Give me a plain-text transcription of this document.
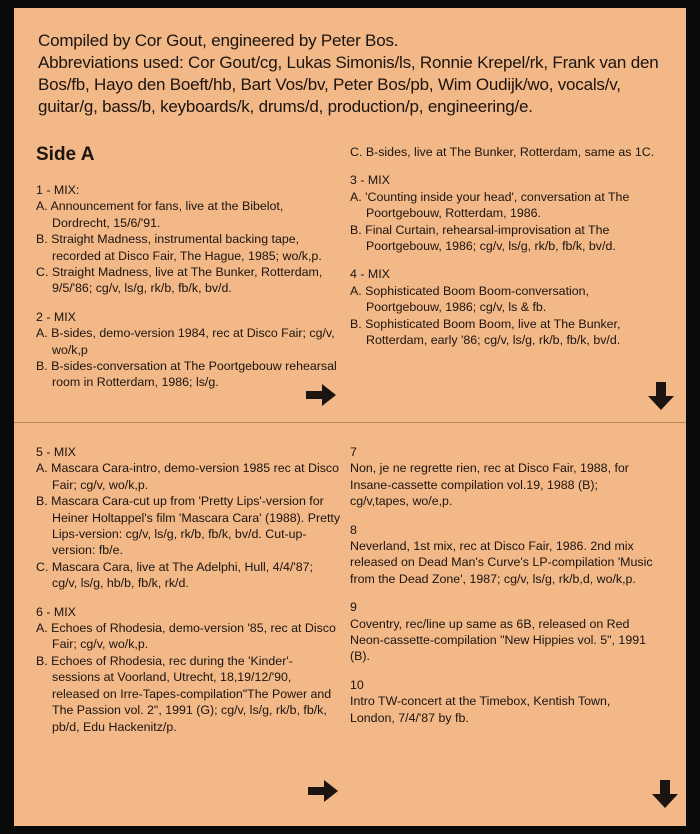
Compiled by Cor Gout, engineered by Peter Bos.

Abbreviations used: Cor Gout/cg, Lukas Simonis/ls, Ronnie Krepel/rk, Frank van den Bos/fb, Hayo den Boeft/hb, Bart Vos/bv, Peter Bos/pb, Wim Oudijk/wo, vocals/v, guitar/g, bass/b, keyboards/k, drums/d, production/p, engineering/e.

Side A

1 - MIX:

A. Announcement for fans, live at the Bibelot, Dordrecht, 15/6/'91.

B. Straight Madness, instrumental backing tape, recorded at Disco Fair, The Hague, 1985; wo/k,p.

C. Straight Madness, live at The Bunker, Rotterdam, 9/5/'86; cg/v, ls/g, rk/b, fb/k, bv/d.

2 - MIX

A. B-sides, demo-version 1984, rec at Disco Fair; cg/v, wo/k,p

B. B-sides-conversation at The Poortgebouw rehearsal room in Rotterdam, 1986; ls/g.

C. B-sides, live at The Bunker, Rotterdam, same as 1C.

3 - MIX

A. 'Counting inside your head', conversation at The Poortgebouw, Rotterdam, 1986.

B. Final Curtain, rehearsal-improvisation at The Poortgebouw, 1986; cg/v, ls/g, rk/b, fb/k, bv/d.

4 - MIX

A. Sophisticated Boom Boom-conversation, Poortgebouw, 1986; cg/v, ls & fb.

B. Sophisticated Boom Boom, live at The Bunker, Rotterdam, early '86; cg/v, ls/g, rk/b, fb/k, bv/d.

5 - MIX

A. Mascara Cara-intro, demo-version 1985 rec at Disco Fair; cg/v, wo/k,p.

B. Mascara Cara-cut up from 'Pretty Lips'-version for Heiner Holtappel's film 'Mascara Cara' (1988). Pretty Lips-version: cg/v, ls/g, rk/b, fb/k, bv/d. Cut-up-version: fb/e.

C. Mascara Cara, live at The Adelphi, Hull, 4/4/'87; cg/v, ls/g, hb/b, fb/k, rk/d.

6 - MIX

A. Echoes of Rhodesia, demo-version '85, rec at Disco Fair; cg/v, wo/k,p.

B. Echoes of Rhodesia, rec during the 'Kinder'-sessions at Voorland, Utrecht, 18,19/12/'90, released on Irre-Tapes-compilation"The Power and The Passion vol. 2", 1991 (G); cg/v, ls/g, rk/b, fb/k, pb/d, Edu Hackenitz/p.

7

Non, je ne regrette rien, rec at Disco Fair, 1988, for Insane-cassette compilation vol.19, 1988 (B); cg/v,tapes, wo/e,p.

8

Neverland, 1st mix, rec at Disco Fair, 1986. 2nd mix released on Dead Man's Curve's LP-compilation 'Music from the Dead Zone', 1987; cg/v, ls/g, rk/b,d, wo/k,p.

9

Coventry, rec/line up same as 6B, released on Red Neon-cassette-compilation "New Hippies vol. 5", 1991 (B).

10

Intro TW-concert at the Timebox, Kentish Town, London, 7/4/'87 by fb.
